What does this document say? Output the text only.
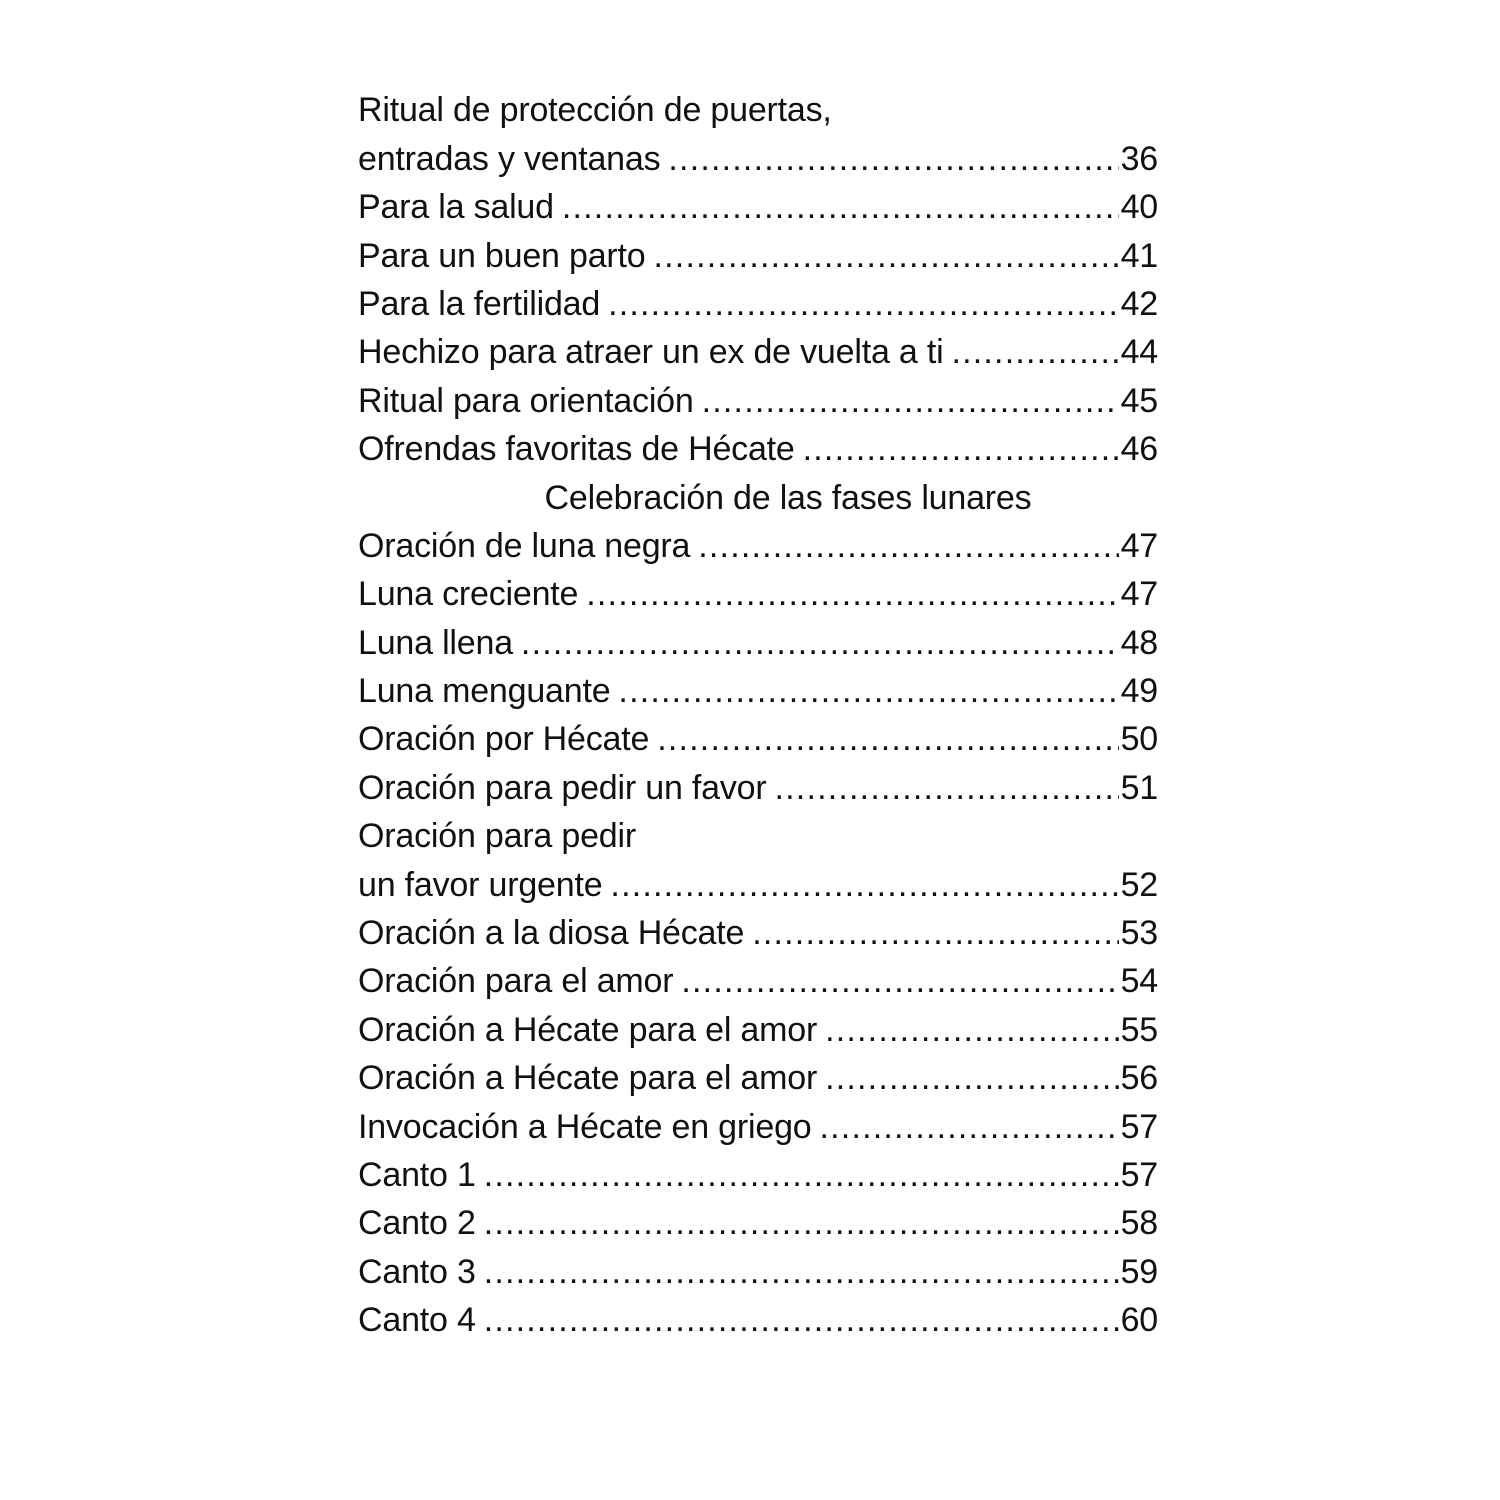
Ritual de protección de puertas,
entradas y ventanas .....	36
Para la salud .....	40
Para un buen parto .....	41
Para la fertilidad .....	42
Hechizo para atraer un ex de vuelta a ti .....	44
Ritual para orientación .....	45
Ofrendas favoritas de Hécate .....	46
Celebración de las fases lunares
Oración de luna negra .....	47
Luna creciente .....	47
Luna llena .....	48
Luna menguante .....	49
Oración por Hécate .....	50
Oración para pedir un favor .....	51
Oración para pedir
un favor urgente .....	52
Oración a la diosa Hécate .....	53
Oración para el amor .....	54
Oración a Hécate para el amor .....	55
Oración a Hécate para el amor .....	56
Invocación a Hécate en griego .....	57
Canto 1 .....	57
Canto 2 .....	58
Canto 3 .....	59
Canto 4 .....	60
